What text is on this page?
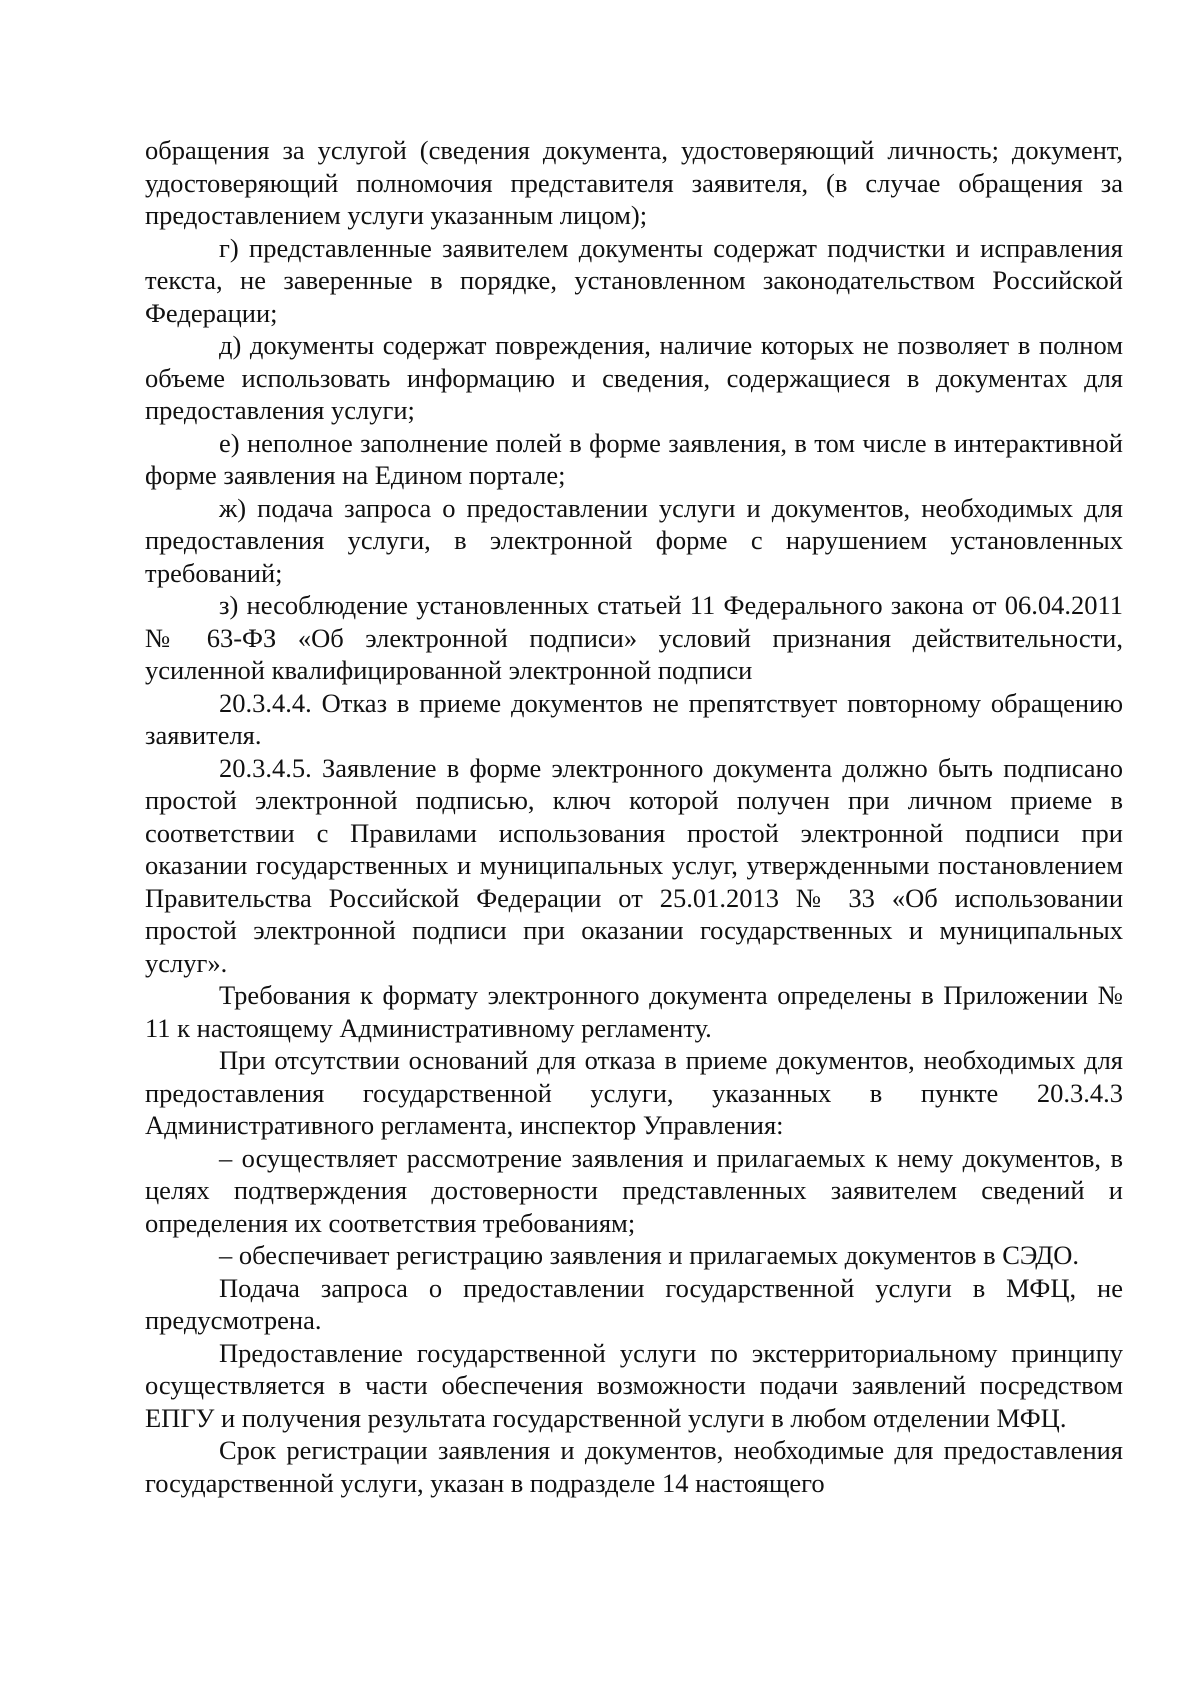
обращения за услугой (сведения документа, удостоверяющий личность; документ, удостоверяющий полномочия представителя заявителя, (в случае обращения за предоставлением услуги указанным лицом);

г) представленные заявителем документы содержат подчистки и исправления текста, не заверенные в порядке, установленном законодательством Российской Федерации;

д) документы содержат повреждения, наличие которых не позволяет в полном объеме использовать информацию и сведения, содержащиеся в документах для предоставления услуги;

е) неполное заполнение полей в форме заявления, в том числе в интерактивной форме заявления на Едином портале;

ж) подача запроса о предоставлении услуги и документов, необходимых для предоставления услуги, в электронной форме с нарушением установленных требований;

з) несоблюдение установленных статьей 11 Федерального закона от 06.04.2011 № 63-ФЗ «Об электронной подписи» условий признания действительности, усиленной квалифицированной электронной подписи

20.3.4.4. Отказ в приеме документов не препятствует повторному обращению заявителя.

20.3.4.5. Заявление в форме электронного документа должно быть подписано простой электронной подписью, ключ которой получен при личном приеме в соответствии с Правилами использования простой электронной подписи при оказании государственных и муниципальных услуг, утвержденными постановлением Правительства Российской Федерации от 25.01.2013 № 33 «Об использовании простой электронной подписи при оказании государственных и муниципальных услуг».

Требования к формату электронного документа определены в Приложении № 11 к настоящему Административному регламенту.

При отсутствии оснований для отказа в приеме документов, необходимых для предоставления государственной услуги, указанных в пункте 20.3.4.3 Административного регламента, инспектор Управления:

– осуществляет рассмотрение заявления и прилагаемых к нему документов, в целях подтверждения достоверности представленных заявителем сведений и определения их соответствия требованиям;

– обеспечивает регистрацию заявления и прилагаемых документов в СЭДО.

Подача запроса о предоставлении государственной услуги в МФЦ, не предусмотрена.

Предоставление государственной услуги по экстерриториальному принципу осуществляется в части обеспечения возможности подачи заявлений посредством ЕПГУ и получения результата государственной услуги в любом отделении МФЦ.

Срок регистрации заявления и документов, необходимые для предоставления государственной услуги, указан в подразделе 14 настоящего
